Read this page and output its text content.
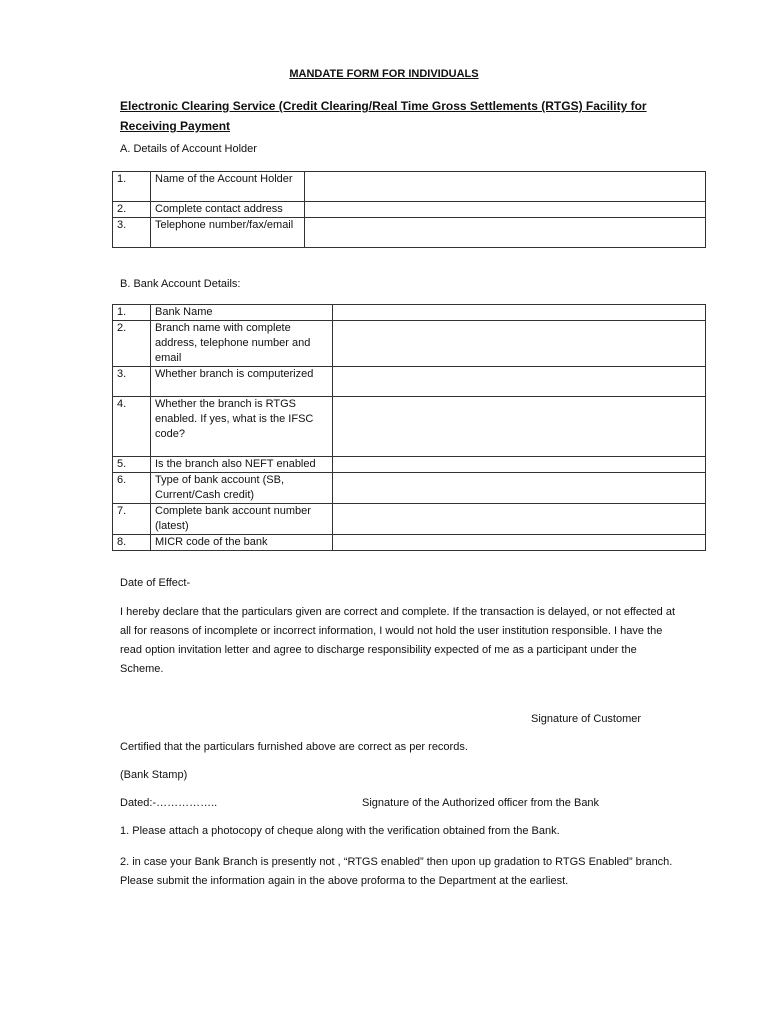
MANDATE FORM FOR INDIVIDUALS
Electronic Clearing Service (Credit Clearing/Real Time Gross Settlements (RTGS) Facility for Receiving Payment
A. Details of Account Holder
1.	Name of the Account Holder	
2.	Complete contact address	
3.	Telephone number/fax/email	
B. Bank Account Details:
1.	Bank Name	
2.	Branch name with complete address, telephone number and email	
3.	Whether branch is computerized	
4.	Whether the branch is RTGS enabled. If yes, what is the IFSC code?	
5.	Is the branch also NEFT enabled	
6.	Type of bank account (SB, Current/Cash credit)	
7.	Complete bank account number (latest)	
8.	MICR code of the bank	
Date of Effect-
I hereby declare that the particulars given are correct and complete. If the transaction is delayed, or not effected at all for reasons of incomplete or incorrect information, I would not hold the user institution responsible. I have the read option invitation letter and agree to discharge responsibility expected of me as a participant under the Scheme.
Signature of Customer
Certified that the particulars furnished above are correct as per records.
(Bank Stamp)
Dated:-……………..	Signature of the Authorized officer from the Bank
1. Please attach a photocopy of cheque along with the verification obtained from the Bank.
2. in case your Bank Branch is presently not , “RTGS enabled” then upon up gradation to RTGS Enabled” branch. Please submit the information again in the above proforma to the Department at the earliest.
